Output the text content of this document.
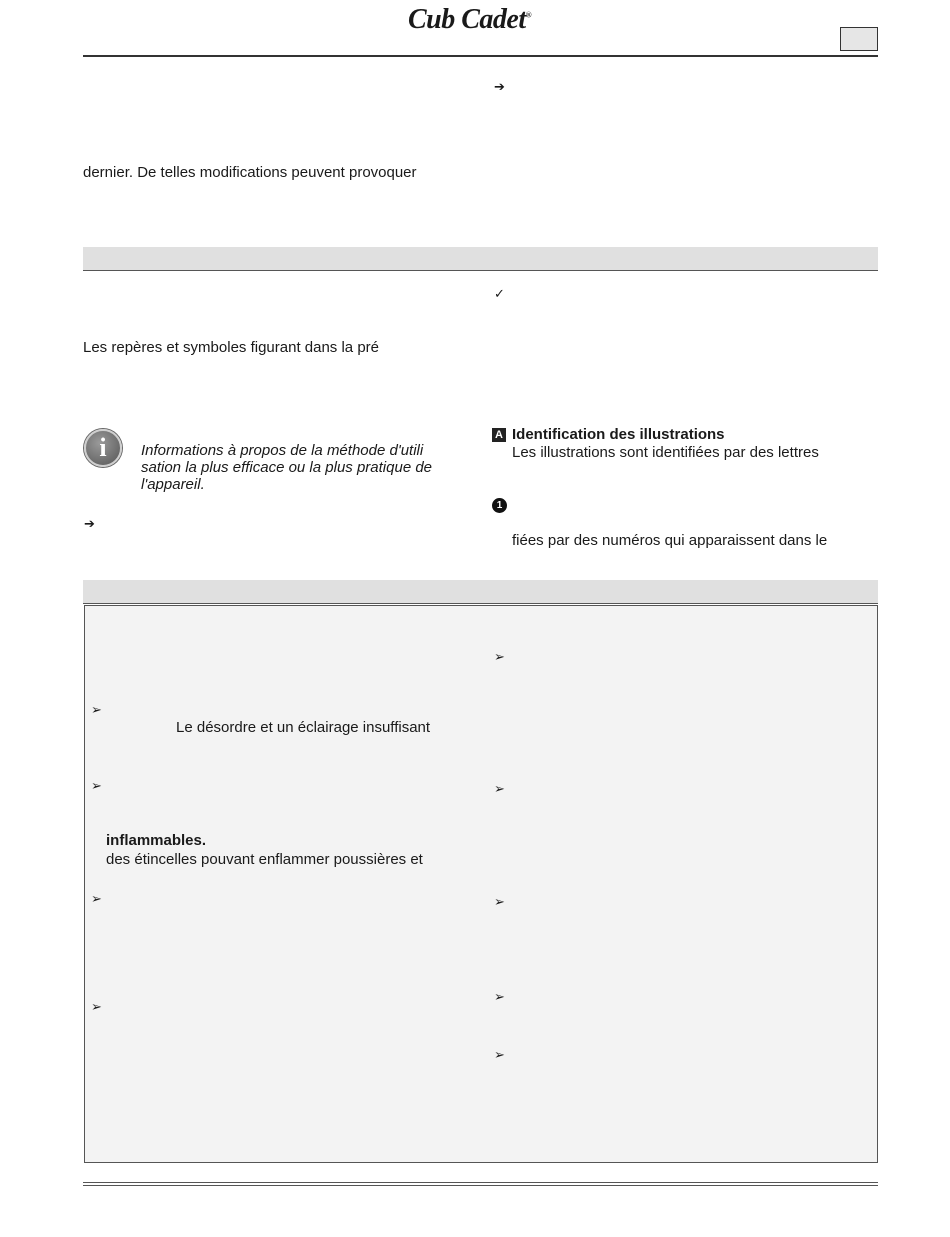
Cub Cadet®
➔
dernier. De telles modifications peuvent provoquer
✓
Les repères et symboles figurant dans la pré
i	Informations à propos de la méthode d'utili
sation la plus efficace ou la plus pratique de
l'appareil.
➔
A Identification des illustrations
Les illustrations sont identifiées par des lettres
1
fiées par des numéros qui apparaissent dans le
➢
Le désordre et un éclairage insuffisant
➢
inflammables.
des étincelles pouvant enflammer poussières et
➢
➢
➢
➢
➢
➢
➢
